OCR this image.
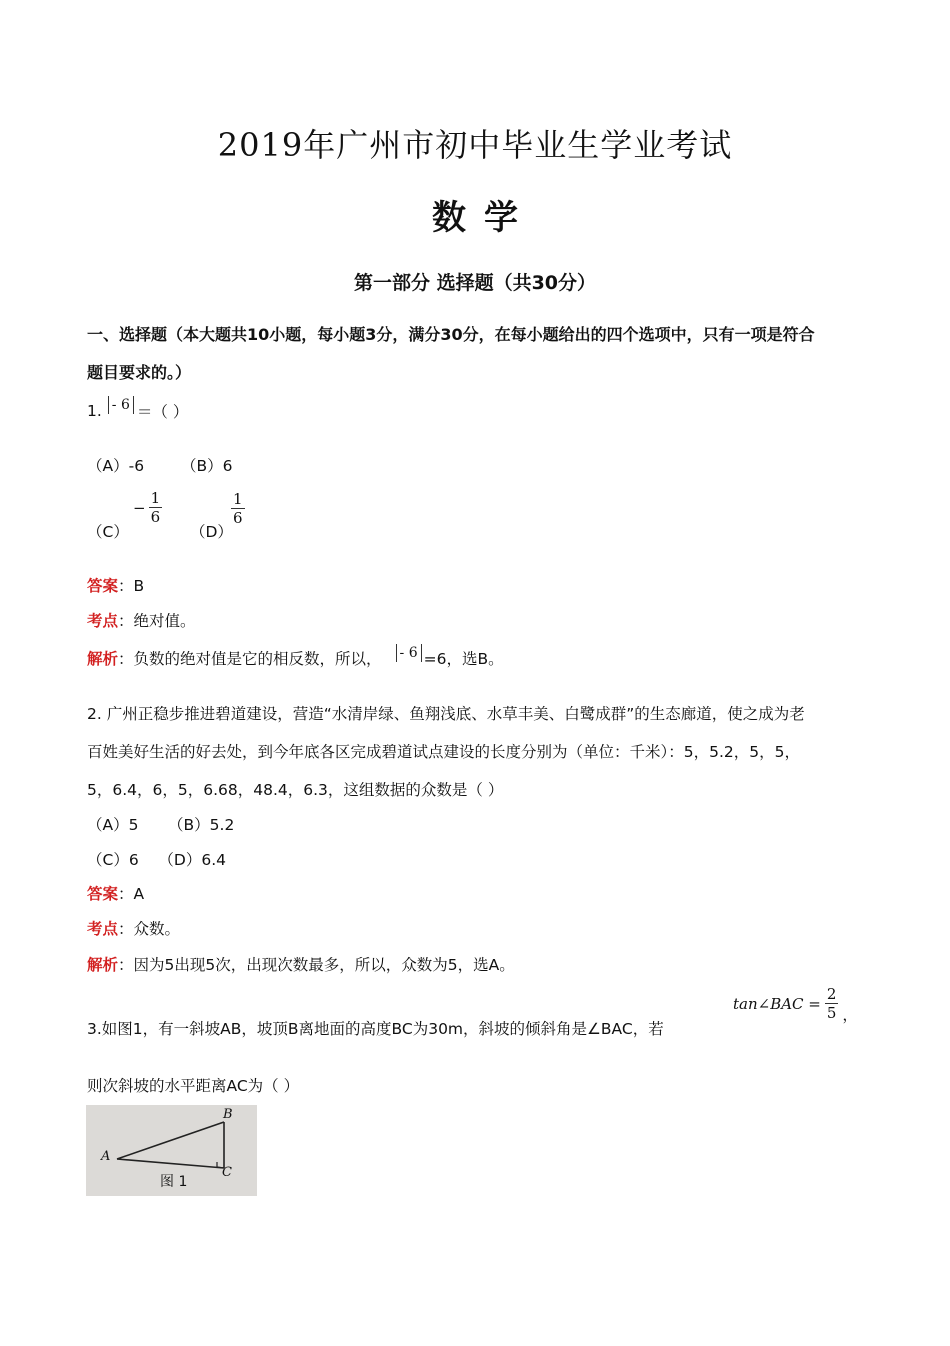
2019年广州市初中毕业生学业考试
数学
第一部分 选择题（共30分）
一、选择题（本大题共10小题，每小题3分，满分30分，在每小题给出的四个选项中，只有一项是符合
题目要求的。）
1. - 6 ＝（ ）
（A）-6 （B）6
（C）
− $\frac{1}{6}$
（D）
$\frac{1}{6}$
答案：B
考点：绝对值。
解析 ：负数的绝对值是它的相反数，所以， - 6 =6，选B。
2. 广州正稳步推进碧道建设，营造“水清岸绿、鱼翔浅底、水草丰美、白鹭成群”的生态廊道，使之成为老
百姓美好生活的好去处，到今年底各区完成碧道试点建设的长度分别为（单位：千米）：5，5.2，5，5，
5，6.4，6，5，6.68，48.4，6.3，这组数据的众数是（ ）
（A）5      （B）5.2
（C）6    （D）6.4
答案：A
考点：众数。
解析：因为5出现5次，出现次数最多，所以，众数为5，选A。
3.如图1，有一斜坡AB，坡顶B离地面的高度BC为30m，斜坡的倾斜角是∠BAC，若
tan∠BAC = $\frac{2}{5}$ ，
则次斜坡的水平距离AC为（ ）
A
B
C
图 1
